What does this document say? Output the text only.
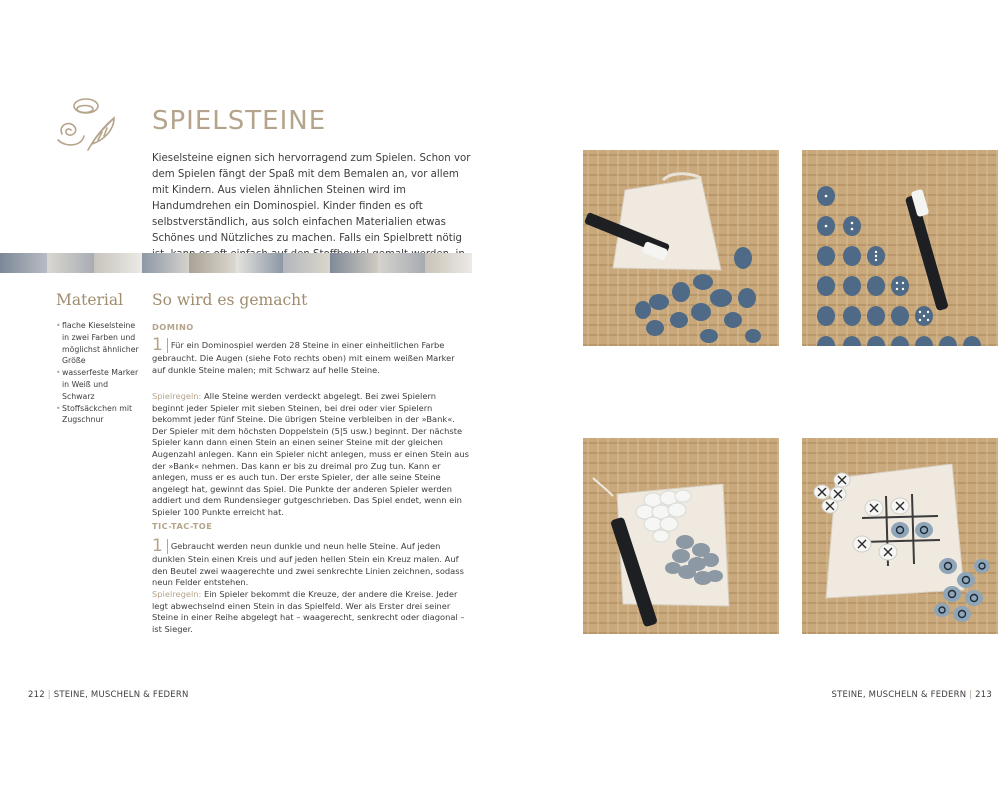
SPIELSTEINE
Kieselsteine eignen sich hervorragend zum Spielen. Schon vor dem Spielen fängt der Spaß mit dem Bemalen an, vor allem mit Kindern. Aus vielen ähnlichen Steinen wird im Handumdrehen ein Dominospiel. Kinder finden es oft selbstverständlich, aus solch einfachen Materialien etwas Schönes und Nützliches zu machen. Falls ein Spielbrett nötig
Material So wird es gemacht
• flache Kieselsteine in zwei Farben und möglichst ähnlicher Größe
• wasserfeste Marker in Weiß und Schwarz
• Stoffsäckchen mit Zugschnur
DOMINO
1 Für ein Dominospiel werden 28 Steine in einer einheitlichen Farbe gebraucht. Die Augen (siehe Foto rechts oben) mit einem weißen Marker auf dunkle Steine malen; mit Schwarz auf helle Steine.
Spielregeln: Alle Steine werden verdeckt abgelegt. Bei zwei Spielern beginnt jeder Spieler mit sieben Steinen, bei drei oder vier Spielern bekommt jeder fünf Steine. Die übrigen Steine verbleiben in der »Bank«. Der Spieler mit dem höchsten Doppelstein (5|5 usw.) beginnt. Der nächste Spieler kann dann einen Stein an einen seiner Steine mit der gleichen Augenzahl anlegen. Kann ein Spieler nicht anlegen, muss er einen Stein aus der »Bank« nehmen. Das kann er bis zu dreimal pro Zug tun. Kann er anlegen, muss er es auch tun. Der erste Spieler, der alle seine Steine angelegt hat, gewinnt das Spiel. Die Punkte der anderen Spieler werden addiert und dem Rundensieger gutgeschrieben. Das Spiel endet, wenn ein Spieler 100 Punkte erreicht hat.
TIC-TAC-TOE
1 Gebraucht werden neun dunkle und neun helle Steine. Auf jeden dunklen Stein einen Kreis und auf jeden hellen Stein ein Kreuz malen. Auf den Beutel zwei waagerechte und zwei senkrechte Linien zeichnen, sodass neun Felder entstehen.
Spielregeln: Ein Spieler bekommt die Kreuze, der andere die Kreise. Jeder legt abwechselnd einen Stein in das Spielfeld. Wer als Erster drei seiner Steine in einer Reihe abgelegt hat – waagerecht, senkrecht oder diagonal – ist Sieger.
212 | STEINE, MUSCHELN & FEDERN	STEINE, MUSCHELN & FEDERN | 213
